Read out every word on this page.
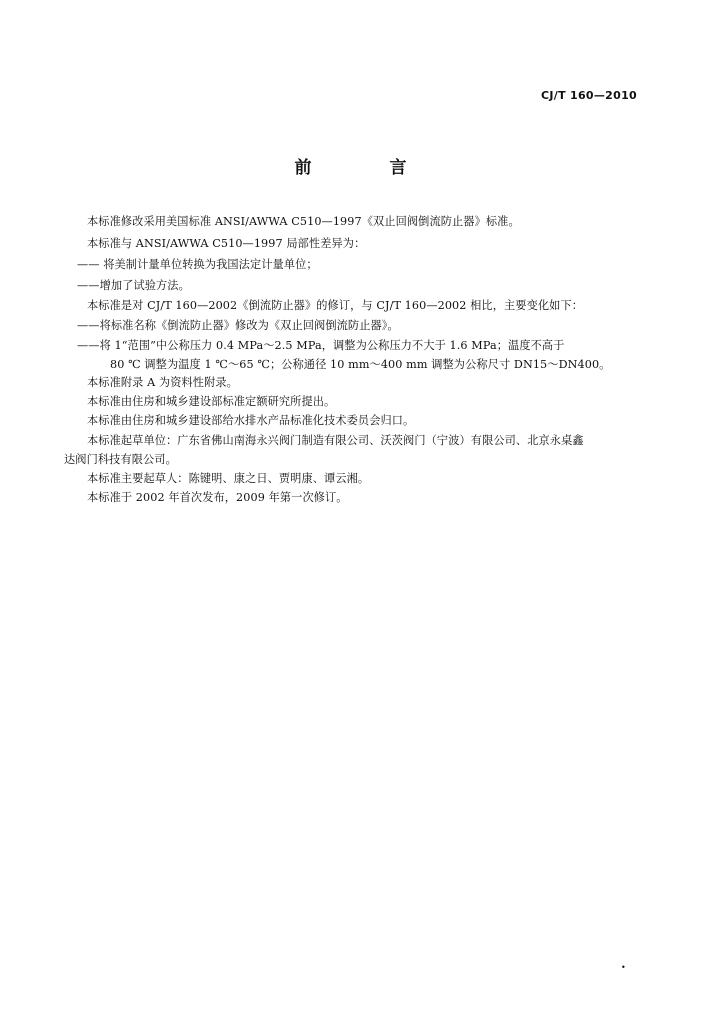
CJ/T 160—2010
前 言
本标准修改采用美国标准 ANSI/AWWA C510—1997《双止回阀倒流防止器》标准。
本标准与 ANSI/AWWA C510—1997 局部性差异为：
—— 将美制计量单位转换为我国法定计量单位；
——增加了试验方法。
本标准是对 CJ/T 160—2002《倒流防止器》的修订，与 CJ/T 160—2002 相比，主要变化如下：
——将标准名称《倒流防止器》修改为《双止回阀倒流防止器》。
——将 1“范围”中公称压力 0.4 MPa～2.5 MPa，调整为公称压力不大于 1.6 MPa；温度不高于
80 ℃ 调整为温度 1 ℃～65 ℃；公称通径 10 mm～400 mm 调整为公称尺寸 DN15～DN400。
本标准附录 A 为资料性附录。
本标准由住房和城乡建设部标准定额研究所提出。
本标准由住房和城乡建设部给水排水产品标准化技术委员会归口。
本标准起草单位：广东省佛山南海永兴阀门制造有限公司、沃茨阀门（宁波）有限公司、北京永桌鑫
达阀门科技有限公司。
本标准主要起草人：陈键明、康之日、贾明康、谭云湘。
本标准于 2002 年首次发布，2009 年第一次修订。
•
